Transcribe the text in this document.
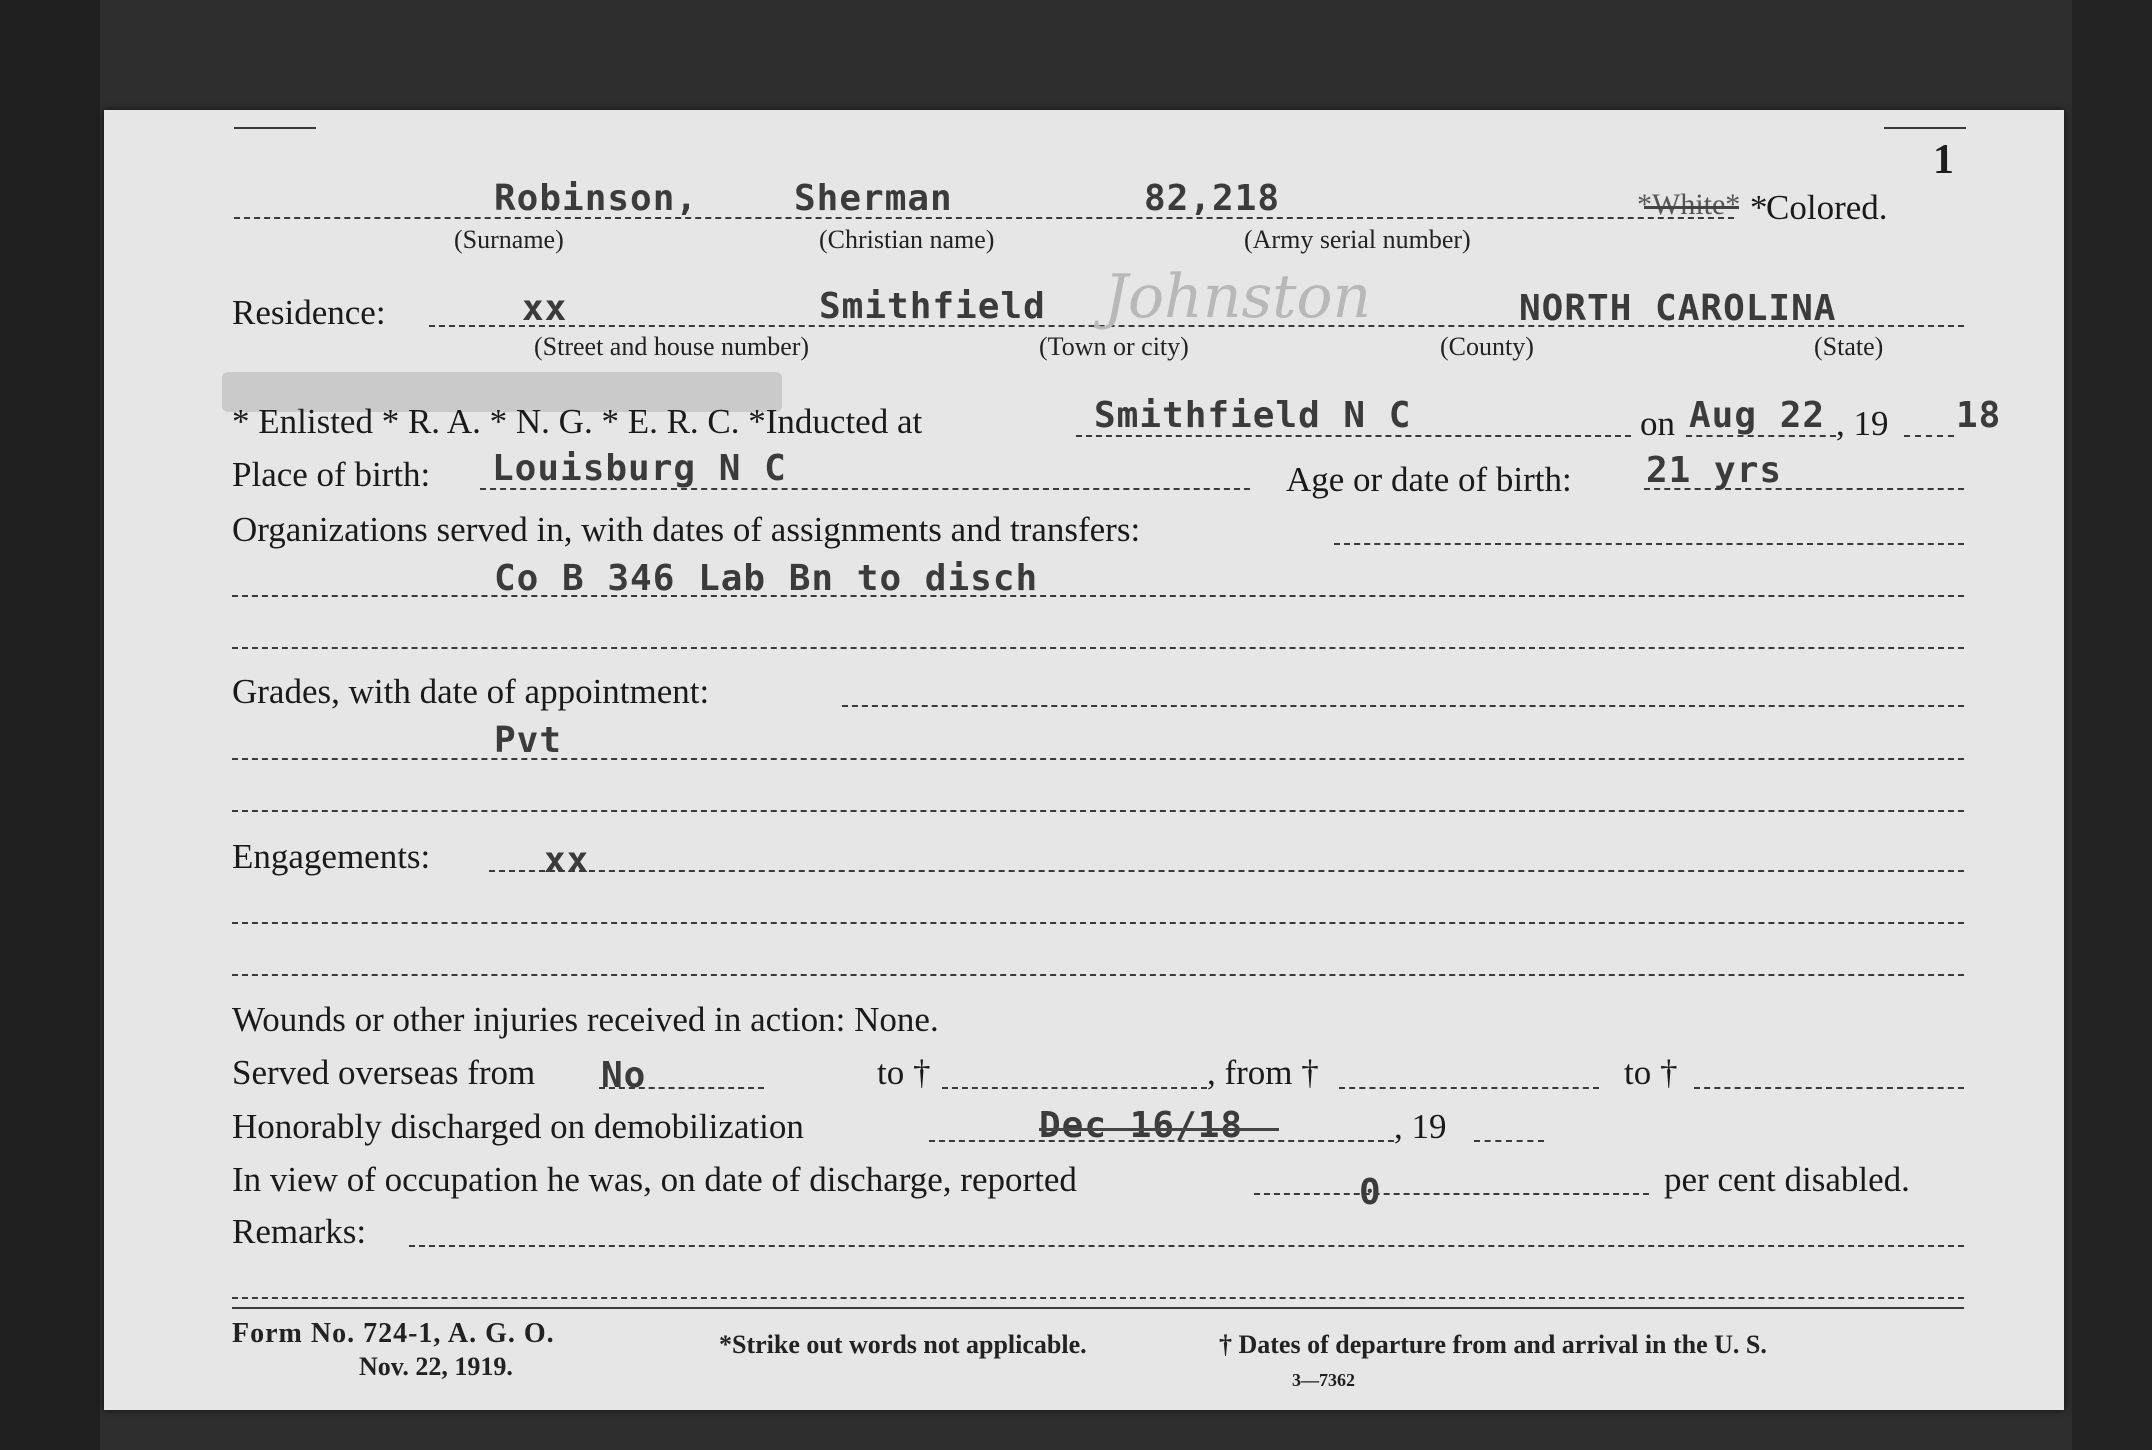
1
Robinson,	Sherman	82,218	*White* *
Colored.
(Surname)	(Christian name)	(Army serial number)
Residence:	xx	Smithfield Johnston	NORTH CAROLINA
(Street and house number)	(Town or city)	(County)	(State)
* Enlisted * R. A. * N. G. * E. R. C. *Inducted at	Smithfield N C	on Aug 22 , 19 18
Place of birth: Louisburg N C	Age or date of birth: 21 yrs
Organizations served in, with dates of assignments and transfers:
Co B 346 Lab Bn to disch
Grades, with date of appointment:
Pvt
Engagements:	xx
Wounds or other injuries received in action: None.
Served overseas from No	to †	, from †	to †
Honorably discharged on demobilization	Dec 16/18	, 19
In view of occupation he was, on date of discharge, reported	0	per cent disabled.
Remarks:
Form No. 724-1, A. G. O.
Nov. 22, 1919.
*Strike out words not applicable.	† Dates of departure from and arrival in the U. S.
3—7362
